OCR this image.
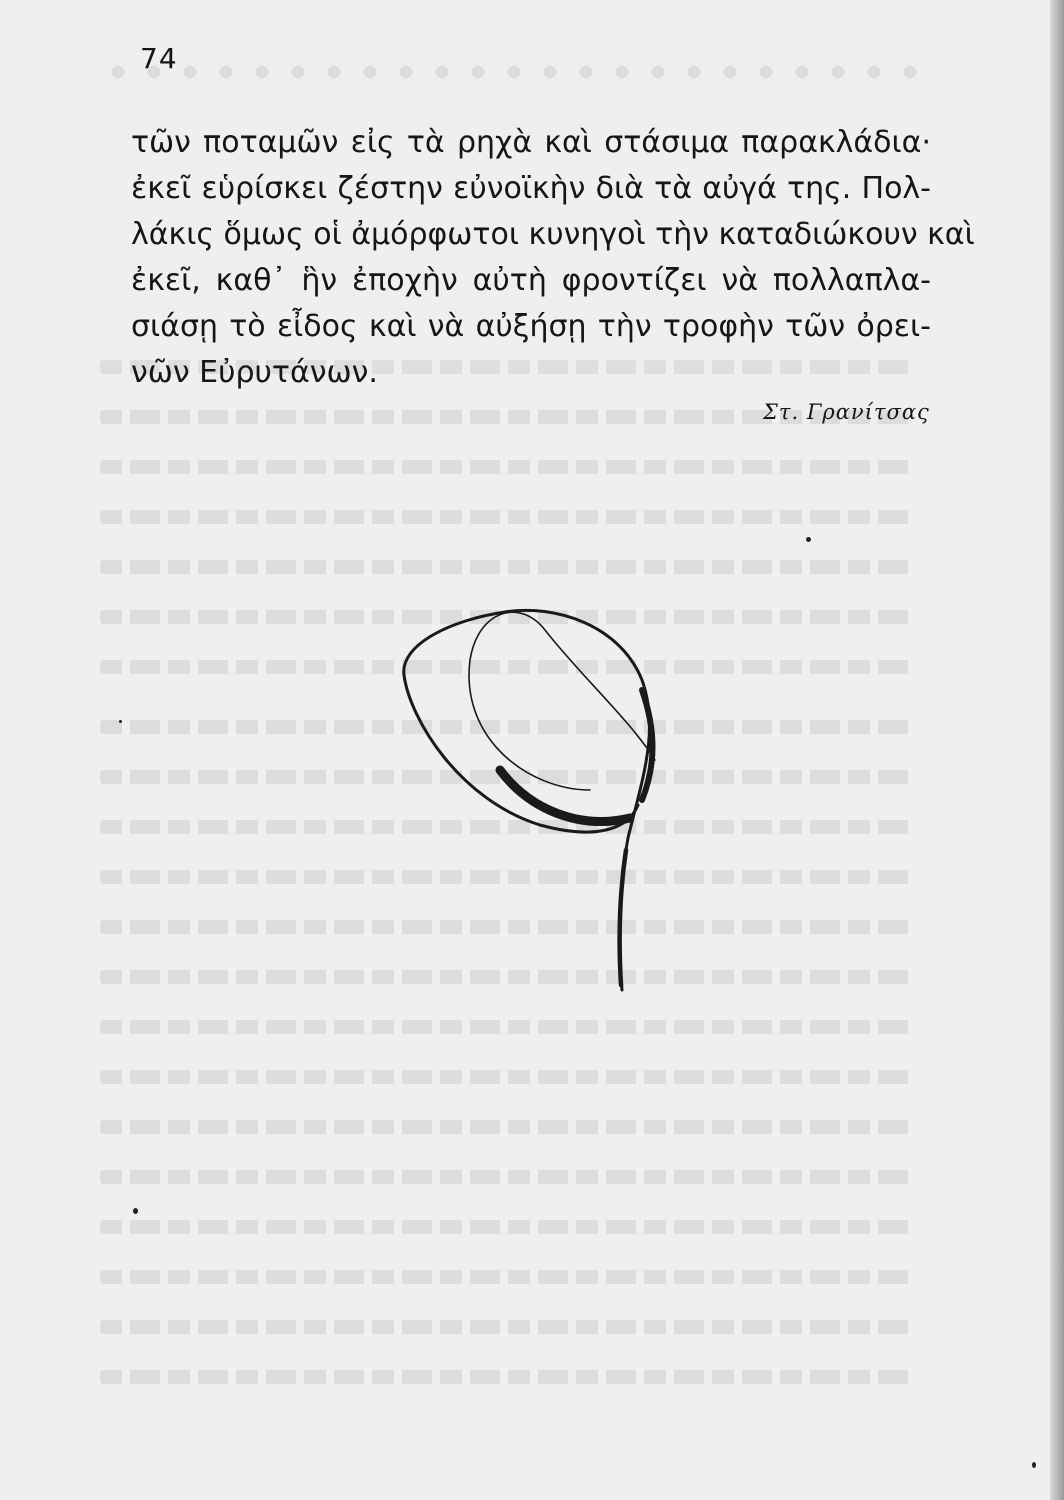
74
τῶν ποταμῶν εἰς τὰ ρηχὰ καὶ στάσιμα παρακλάδια·
ἐκεῖ εὑρίσκει ζέστην εὐνοϊκὴν διὰ τὰ αὐγά της. Πολ-
λάκις ὅμως οἱ ἀμόρφωτοι κυνηγοὶ τὴν καταδιώκουν καὶ
ἐκεῖ, καθ᾽ ἣν ἐποχὴν αὐτὴ φροντίζει νὰ πολλαπλα-
σιάσῃ τὸ εἶδος καὶ νὰ αὐξήσῃ τὴν τροφὴν τῶν ὀρει-
νῶν Εὐρυτάνων.
Στ. Γρανίτσας
